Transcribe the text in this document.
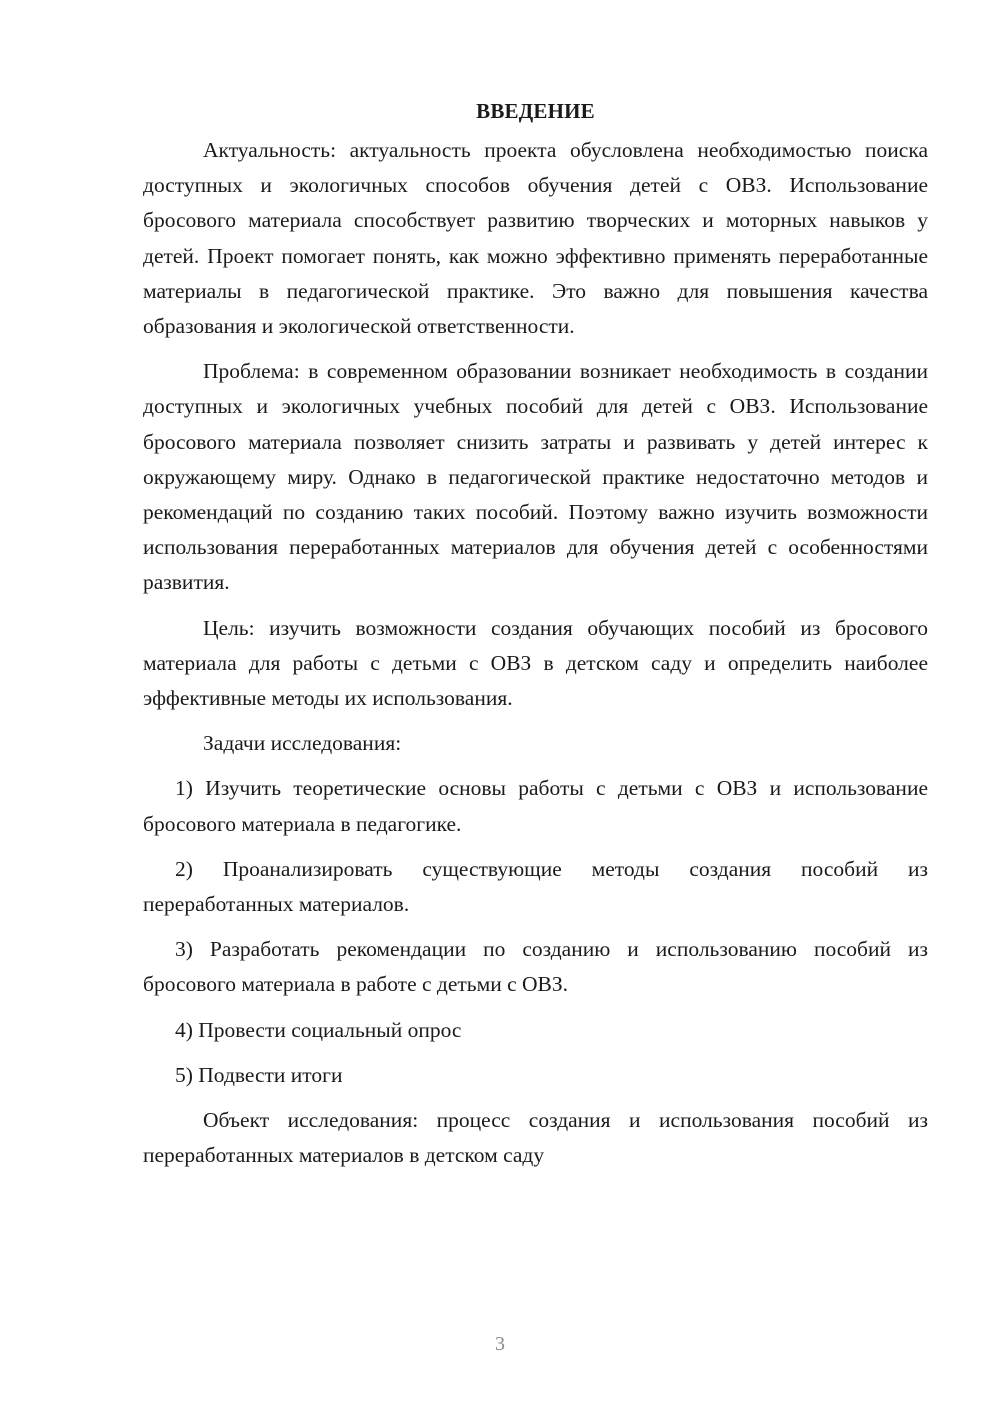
ВВЕДЕНИЕ

Актуальность: актуальность проекта обусловлена необходимостью поиска доступных и экологичных способов обучения детей с ОВЗ. Использование бросового материала способствует развитию творческих и моторных навыков у детей. Проект помогает понять, как можно эффективно применять переработанные материалы в педагогической практике. Это важно для повышения качества образования и экологической ответственности.

Проблема: в современном образовании возникает необходимость в создании доступных и экологичных учебных пособий для детей с ОВЗ. Использование бросового материала позволяет снизить затраты и развивать у детей интерес к окружающему миру. Однако в педагогической практике недостаточно методов и рекомендаций по созданию таких пособий. Поэтому важно изучить возможности использования переработанных материалов для обучения детей с особенностями развития.

Цель: изучить возможности создания обучающих пособий из бросового материала для работы с детьми с ОВЗ в детском саду и определить наиболее эффективные методы их использования.

Задачи исследования:

1) Изучить теоретические основы работы с детьми с ОВЗ и использование бросового материала в педагогике.

2) Проанализировать существующие методы создания пособий из переработанных материалов.

3) Разработать рекомендации по созданию и использованию пособий из бросового материала в работе с детьми с ОВЗ.

4) Провести социальный опрос

5) Подвести итоги

Объект исследования: процесс создания и использования пособий из переработанных материалов в детском саду

3
